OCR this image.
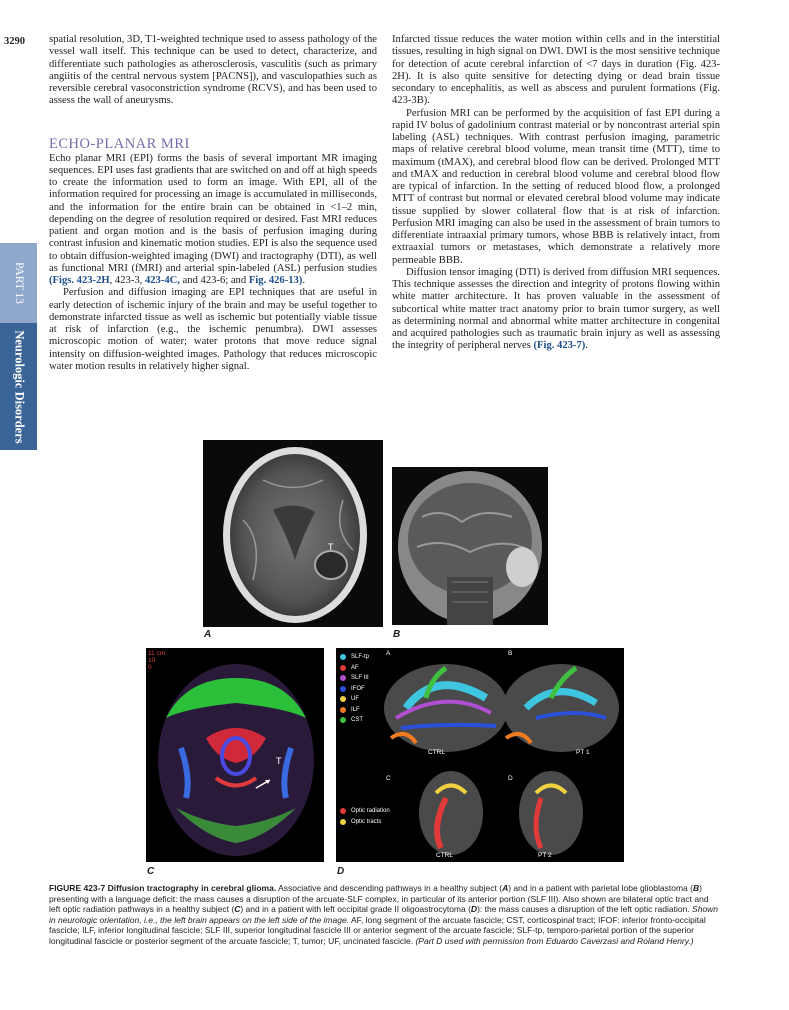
3290
PART 13
Neurologic Disorders

spatial resolution, 3D, T1-weighted technique used to assess pathology of the vessel wall itself. This technique can be used to detect, characterize, and differentiate such pathologies as atherosclerosis, vasculitis (such as primary angiitis of the central nervous system [PACNS]), and vasculopathies such as reversible cerebral vasoconstriction syndrome (RCVS), and has been used to assess the wall of aneurysms.

ECHO-PLANAR MRI

Echo planar MRI (EPI) forms the basis of several important MR imaging sequences. EPI uses fast gradients that are switched on and off at high speeds to create the information used to form an image. With EPI, all of the information required for processing an image is accumulated in milliseconds, and the information for the entire brain can be obtained in <1–2 min, depending on the degree of resolution required or desired. Fast MRI reduces patient and organ motion and is the basis of perfusion imaging during contrast infusion and kinematic motion studies. EPI is also the sequence used to obtain diffusion-weighted imaging (DWI) and tractography (DTI), as well as functional MRI (fMRI) and arterial spin-labeled (ASL) perfusion studies (Figs. 423-2H, 423-3, 423-4C, and 423-6; and Fig. 426-13).

Perfusion and diffusion imaging are EPI techniques that are useful in early detection of ischemic injury of the brain and may be useful together to demonstrate infarcted tissue as well as ischemic but potentially viable tissue at risk of infarction (e.g., the ischemic penumbra). DWI assesses microscopic motion of water; water protons that move reduce signal intensity on diffusion-weighted images. Pathology that reduces microscopic water motion results in relatively higher signal.

Infarcted tissue reduces the water motion within cells and in the interstitial tissues, resulting in high signal on DWI. DWI is the most sensitive technique for detection of acute cerebral infarction of <7 days in duration (Fig. 423-2H). It is also quite sensitive for detecting dying or dead brain tissue secondary to encephalitis, as well as abscess and purulent formations (Fig. 423-3B).

Perfusion MRI can be performed by the acquisition of fast EPI during a rapid IV bolus of gadolinium contrast material or by noncontrast arterial spin labeling (ASL) techniques. With contrast perfusion imaging, parametric maps of relative cerebral blood volume, mean transit time (MTT), time to maximum (tMAX), and cerebral blood flow can be derived. Prolonged MTT and tMAX and reduction in cerebral blood volume and cerebral blood flow are typical of infarction. In the setting of reduced blood flow, a prolonged MTT of contrast but normal or elevated cerebral blood volume may indicate tissue supplied by slower collateral flow that is at risk of infarction. Perfusion MRI imaging can also be used in the assessment of brain tumors to differentiate intraaxial primary tumors, whose BBB is relatively intact, from extraaxial tumors or metastases, which demonstrate a relatively more permeable BBB.

Diffusion tensor imaging (DTI) is derived from diffusion MRI sequences. This technique assesses the direction and integrity of protons flowing within white matter architecture. It has proven valuable in the assessment of subcortical white matter tract anatomy prior to brain tumor surgery, as well as determining normal and abnormal white matter architecture in congenital and acquired pathologies such as traumatic brain injury as well as assessing the integrity of peripheral nerves (Fig. 423-7).

T
A	B
T
11 cm
10
0
C
A	B
C	D
CTRL	PT 1
CTRL	PT 2
SLF-tp
AF
SLF III
IFOF
UF
ILF
CST
Optic radiation
Optic tracts
D
FIGURE 423-7 Diffusion tractography in cerebral glioma. Associative and descending pathways in a healthy subject (A) and in a patient with parietal lobe glioblastoma (B) presenting with a language deficit: the mass causes a disruption of the arcuate-SLF complex, in particular of its anterior portion (SLF III). Also shown are bilateral optic tract and left optic radiation pathways in a healthy subject (C) and in a patient with left occipital grade II oligoastrocytoma (D): the mass causes a disruption of the left optic radiation. Shown in neurologic orientation, i.e., the left brain appears on the left side of the image. AF, long segment of the arcuate fascicle; CST, corticospinal tract; IFOF: inferior fronto-occipital fascicle; ILF, inferior longitudinal fascicle; SLF III, superior longitudinal fascicle III or anterior segment of the arcuate fascicle; SLF-tp, temporo-parietal portion of the superior longitudinal fascicle or posterior segment of the arcuate fascicle; T, tumor; UF, uncinated fascicle. (Part D used with permission from Eduardo Caverzasi and Roland Henry.)
